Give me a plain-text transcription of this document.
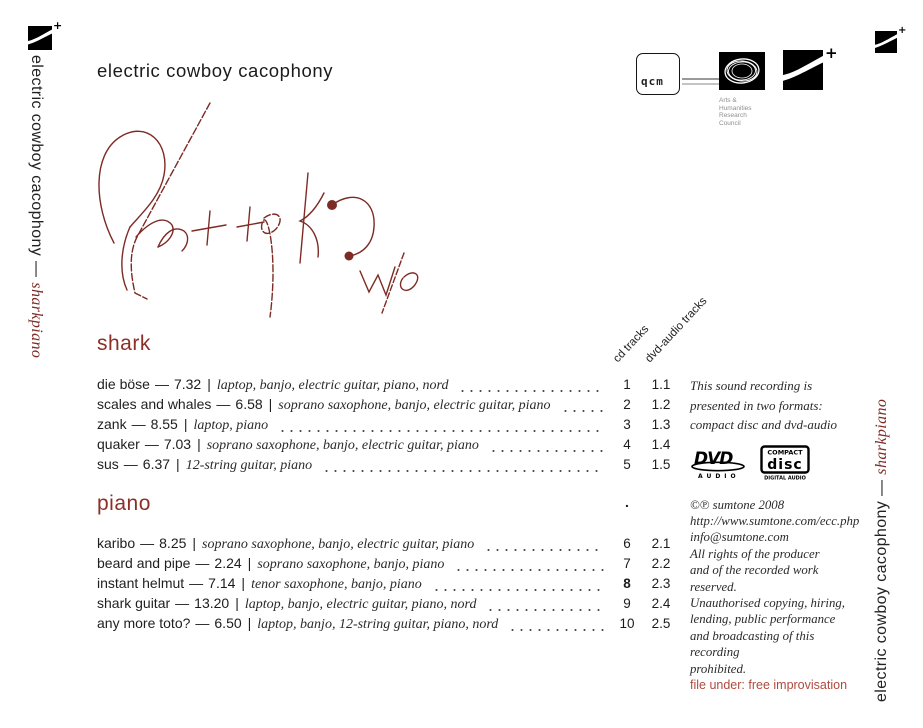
+
electric cowboy cacophony — sharkpiano
electric cowboy cacophony
qcm
Arts & Humanities
Research Council
+
+
electric cowboy cacophony — sharkpiano
cd tracks
dvd-audio tracks
shark
die böse — 7.32 | laptop, banjo, electric guitar, piano, nord	1	1.1
scales and whales — 6.58 | soprano saxophone, banjo, electric guitar, piano	2	1.2
zank — 8.55 | laptop, piano	3	1.3
quaker — 7.03 | soprano saxophone, banjo, electric guitar, piano	4	1.4
sus — 6.37 | 12-string guitar, piano	5	1.5
piano	.
karibo — 8.25 | soprano saxophone, banjo, electric guitar, piano	6	2.1
beard and pipe — 2.24 | soprano saxophone, banjo, piano	7	2.2
instant helmut — 7.14 | tenor saxophone, banjo, piano	8	2.3
shark guitar — 13.20 | laptop, banjo, electric guitar, piano, nord	9	2.4
any more toto? — 6.50 | laptop, banjo, 12-string guitar, piano, nord	10	2.5
This sound recording is
presented in two formats:
compact disc and dvd-audio
DVD
AUDIO
COMPACT
disc
DIGITAL AUDIO
©℗ sumtone 2008
http://www.sumtone.com/ecc.php
info@sumtone.com
All rights of the producer
and of the recorded work reserved.
Unauthorised copying, hiring,
lending, public performance
and broadcasting of this recording
prohibited.
file under: free improvisation
